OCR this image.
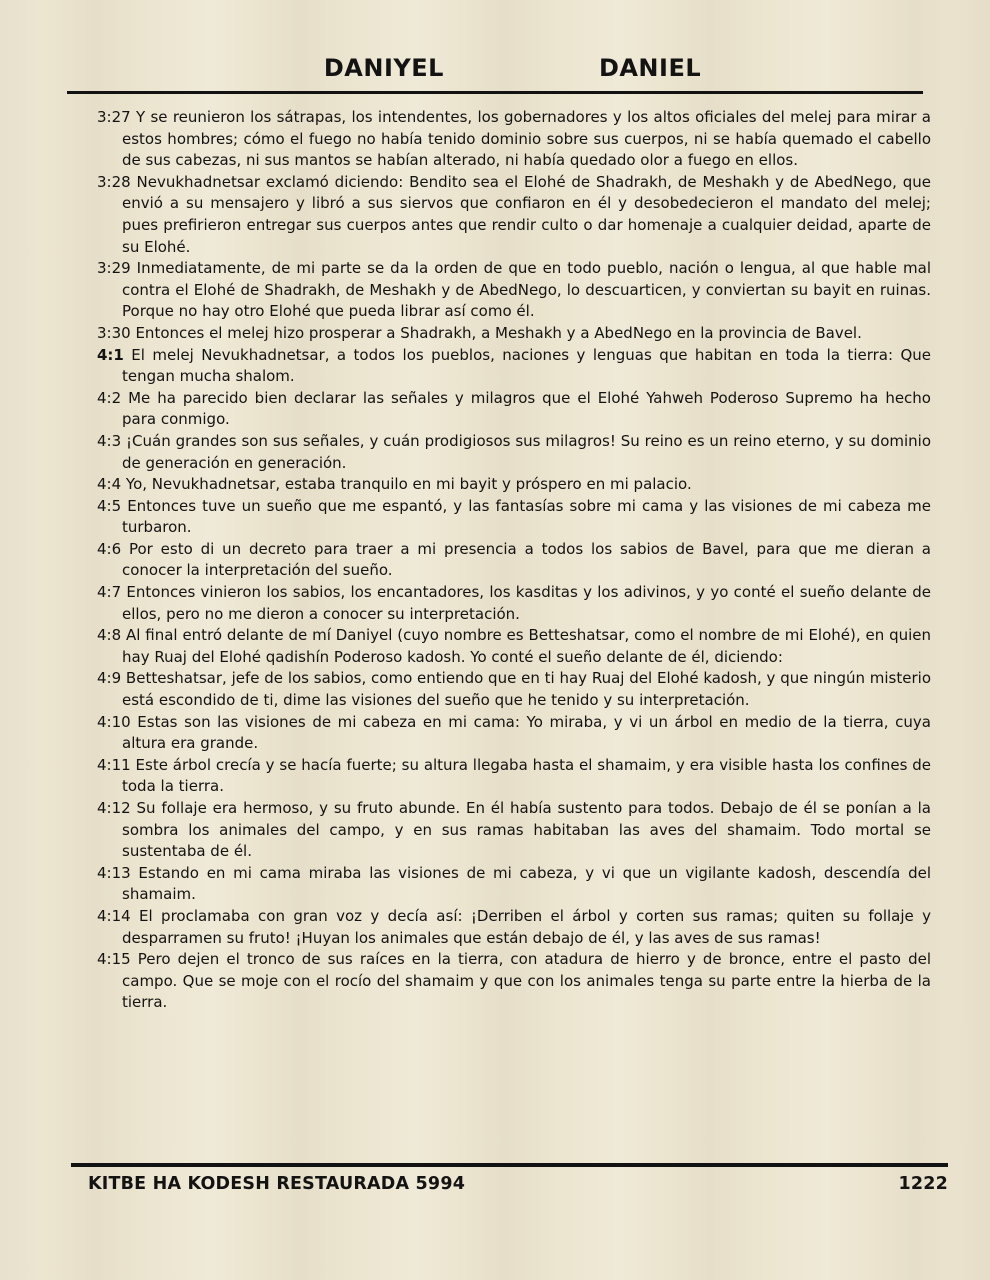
DANIYEL	DANIEL

3:27 Y se reunieron los sátrapas, los intendentes, los gobernadores y los altos oficiales del melej para mirar a estos hombres; cómo el fuego no había tenido dominio sobre sus cuerpos, ni se había quemado el cabello de sus cabezas, ni sus mantos se habían alterado, ni había quedado olor a fuego en ellos.

3:28 Nevukhadnetsar exclamó diciendo: Bendito sea el Elohé de Shadrakh, de Meshakh y de AbedNego, que envió a su mensajero y libró a sus siervos que confiaron en él y desobedecieron el mandato del melej; pues prefirieron entregar sus cuerpos antes que rendir culto o dar homenaje a cualquier deidad, aparte de su Elohé.

3:29 Inmediatamente, de mi parte se da la orden de que en todo pueblo, nación o lengua, al que hable mal contra el Elohé de Shadrakh, de Meshakh y de AbedNego, lo descuarticen, y conviertan su bayit en ruinas. Porque no hay otro Elohé que pueda librar así como él.

3:30 Entonces el melej hizo prosperar a Shadrakh, a Meshakh y a AbedNego en la provincia de Bavel.

4:1 El melej Nevukhadnetsar, a todos los pueblos, naciones y lenguas que habitan en toda la tierra: Que tengan mucha shalom.

4:2 Me ha parecido bien declarar las señales y milagros que el Elohé Yahweh Poderoso Supremo ha hecho para conmigo.

4:3 ¡Cuán grandes son sus señales, y cuán prodigiosos sus milagros! Su reino es un reino eterno, y su dominio de generación en generación.

4:4 Yo, Nevukhadnetsar, estaba tranquilo en mi bayit y próspero en mi palacio.

4:5 Entonces tuve un sueño que me espantó, y las fantasías sobre mi cama y las visiones de mi cabeza me turbaron.

4:6 Por esto di un decreto para traer a mi presencia a todos los sabios de Bavel, para que me dieran a conocer la interpretación del sueño.

4:7 Entonces vinieron los sabios, los encantadores, los kasditas y los adivinos, y yo conté el sueño delante de ellos, pero no me dieron a conocer su interpretación.

4:8 Al final entró delante de mí Daniyel (cuyo nombre es Betteshatsar, como el nombre de mi Elohé), en quien hay Ruaj del Elohé qadishín Poderoso kadosh. Yo conté el sueño delante de él, diciendo:

4:9 Betteshatsar, jefe de los sabios, como entiendo que en ti hay Ruaj del Elohé kadosh, y que ningún misterio está escondido de ti, dime las visiones del sueño que he tenido y su interpretación.

4:10 Estas son las visiones de mi cabeza en mi cama: Yo miraba, y vi un árbol en medio de la tierra, cuya altura era grande.

4:11 Este árbol crecía y se hacía fuerte; su altura llegaba hasta el shamaim, y era visible hasta los confines de toda la tierra.

4:12 Su follaje era hermoso, y su fruto abunde. En él había sustento para todos. Debajo de él se ponían a la sombra los animales del campo, y en sus ramas habitaban las aves del shamaim. Todo mortal se sustentaba de él.

4:13 Estando en mi cama miraba las visiones de mi cabeza, y vi que un vigilante kadosh, descendía del shamaim.

4:14 El proclamaba con gran voz y decía así: ¡Derriben el árbol y corten sus ramas; quiten su follaje y desparramen su fruto! ¡Huyan los animales que están debajo de él, y las aves de sus ramas!

4:15 Pero dejen el tronco de sus raíces en la tierra, con atadura de hierro y de bronce, entre el pasto del campo. Que se moje con el rocío del shamaim y que con los animales tenga su parte entre la hierba de la tierra.

KITBE HA KODESH RESTAURADA 5994	1222
